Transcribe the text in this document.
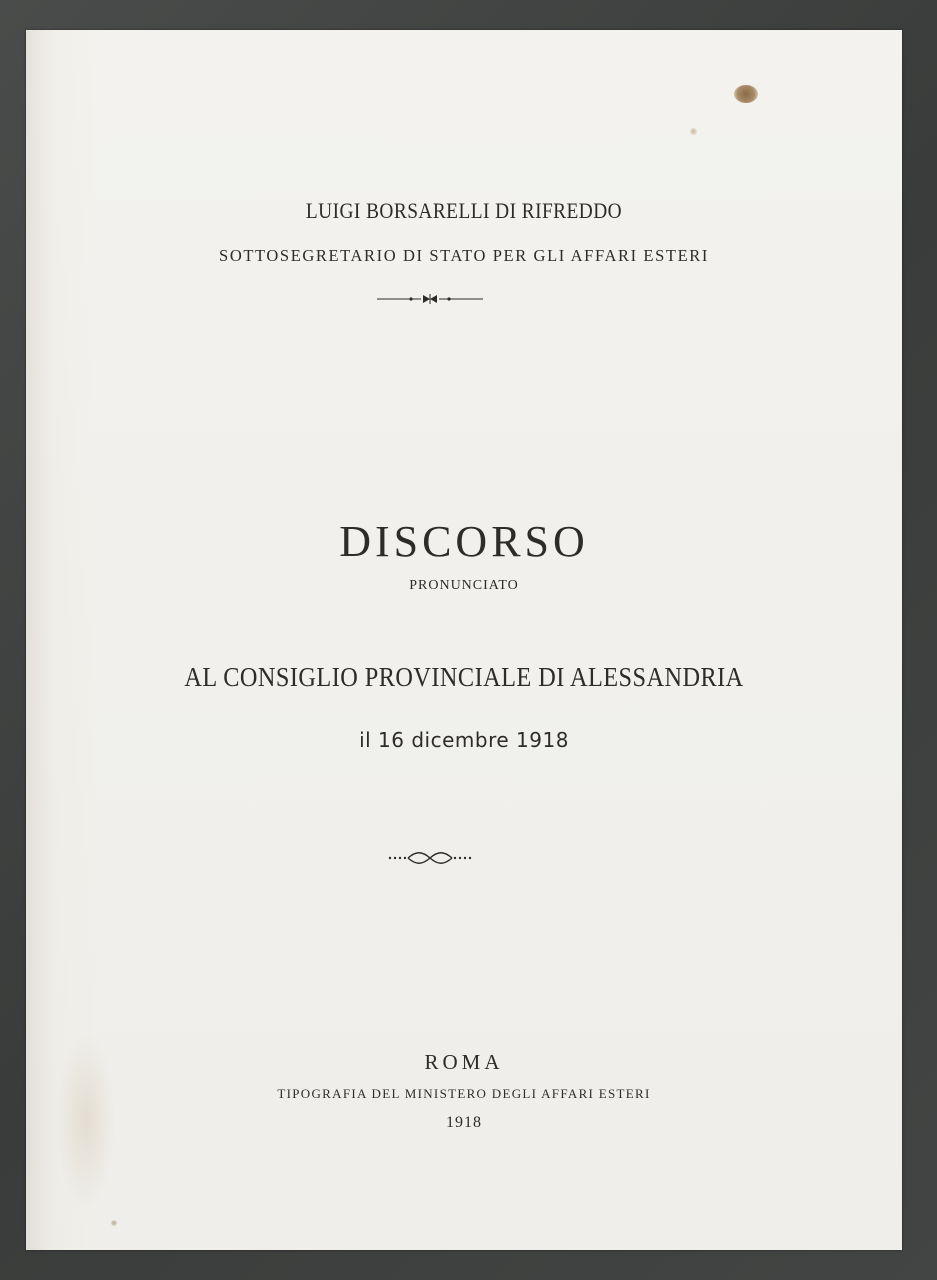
LUIGI BORSARELLI DI RIFREDDO
SOTTOSEGRETARIO DI STATO PER GLI AFFARI ESTERI
DISCORSO
PRONUNCIATO
AL CONSIGLIO PROVINCIALE DI ALESSANDRIA
il 16 dicembre 1918
ROMA
TIPOGRAFIA DEL MINISTERO DEGLI AFFARI ESTERI
1918
